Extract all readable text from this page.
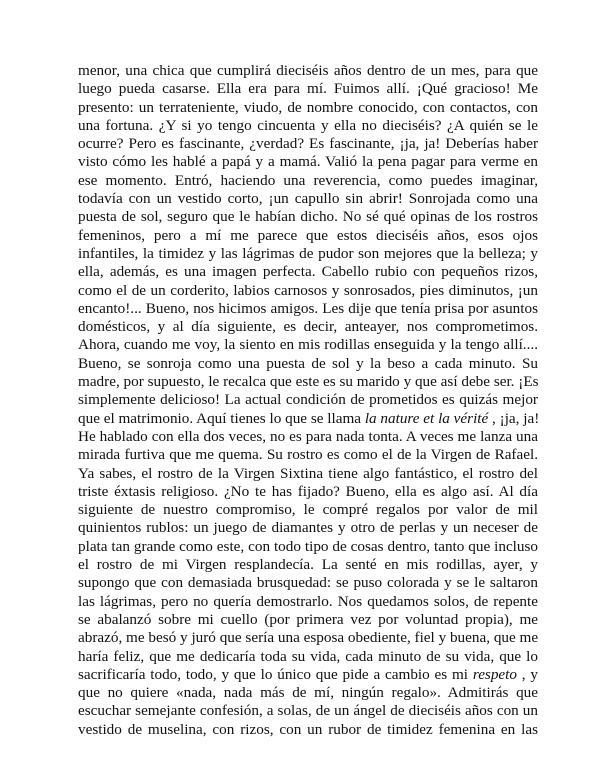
menor, una chica que cumplirá dieciséis años dentro de un mes, para que
luego pueda casarse. Ella era para mí. Fuimos allí. ¡Qué gracioso! Me
presento: un terrateniente, viudo, de nombre conocido, con contactos, con
una fortuna. ¿Y si yo tengo cincuenta y ella no dieciséis? ¿A quién se le
ocurre? Pero es fascinante, ¿verdad? Es fascinante, ¡ja, ja! Deberías haber
visto cómo les hablé a papá y a mamá. Valió la pena pagar para verme en
ese momento. Entró, haciendo una reverencia, como puedes imaginar,
todavía con un vestido corto, ¡un capullo sin abrir! Sonrojada como una
puesta de sol, seguro que le habían dicho. No sé qué opinas de los rostros
femeninos, pero a mí me parece que estos dieciséis años, esos ojos
infantiles, la timidez y las lágrimas de pudor son mejores que la belleza; y
ella, además, es una imagen perfecta. Cabello rubio con pequeños rizos,
como el de un corderito, labios carnosos y sonrosados, pies diminutos, ¡un
encanto!... Bueno, nos hicimos amigos. Les dije que tenía prisa por asuntos
domésticos, y al día siguiente, es decir, anteayer, nos comprometimos.
Ahora, cuando me voy, la siento en mis rodillas enseguida y la tengo allí....
Bueno, se sonroja como una puesta de sol y la beso a cada minuto. Su
madre, por supuesto, le recalca que este es su marido y que así debe ser. ¡Es
simplemente delicioso! La actual condición de prometidos es quizás mejor
que el matrimonio. Aquí tienes lo que se llama la nature et la vérité , ¡ja, ja!
He hablado con ella dos veces, no es para nada tonta. A veces me lanza una
mirada furtiva que me quema. Su rostro es como el de la Virgen de Rafael.
Ya sabes, el rostro de la Virgen Sixtina tiene algo fantástico, el rostro del
triste éxtasis religioso. ¿No te has fijado? Bueno, ella es algo así. Al día
siguiente de nuestro compromiso, le compré regalos por valor de mil
quinientos rublos: un juego de diamantes y otro de perlas y un neceser de
plata tan grande como este, con todo tipo de cosas dentro, tanto que incluso
el rostro de mi Virgen resplandecía. La senté en mis rodillas, ayer, y
supongo que con demasiada brusquedad: se puso colorada y se le saltaron
las lágrimas, pero no quería demostrarlo. Nos quedamos solos, de repente
se abalanzó sobre mi cuello (por primera vez por voluntad propia), me
abrazó, me besó y juró que sería una esposa obediente, fiel y buena, que me
haría feliz, que me dedicaría toda su vida, cada minuto de su vida, que lo
sacrificaría todo, todo, y que lo único que pide a cambio es mi respeto , y
que no quiere «nada, nada más de mí, ningún regalo». Admitirás que
escuchar semejante confesión, a solas, de un ángel de dieciséis años con un
vestido de muselina, con rizos, con un rubor de timidez femenina en las
